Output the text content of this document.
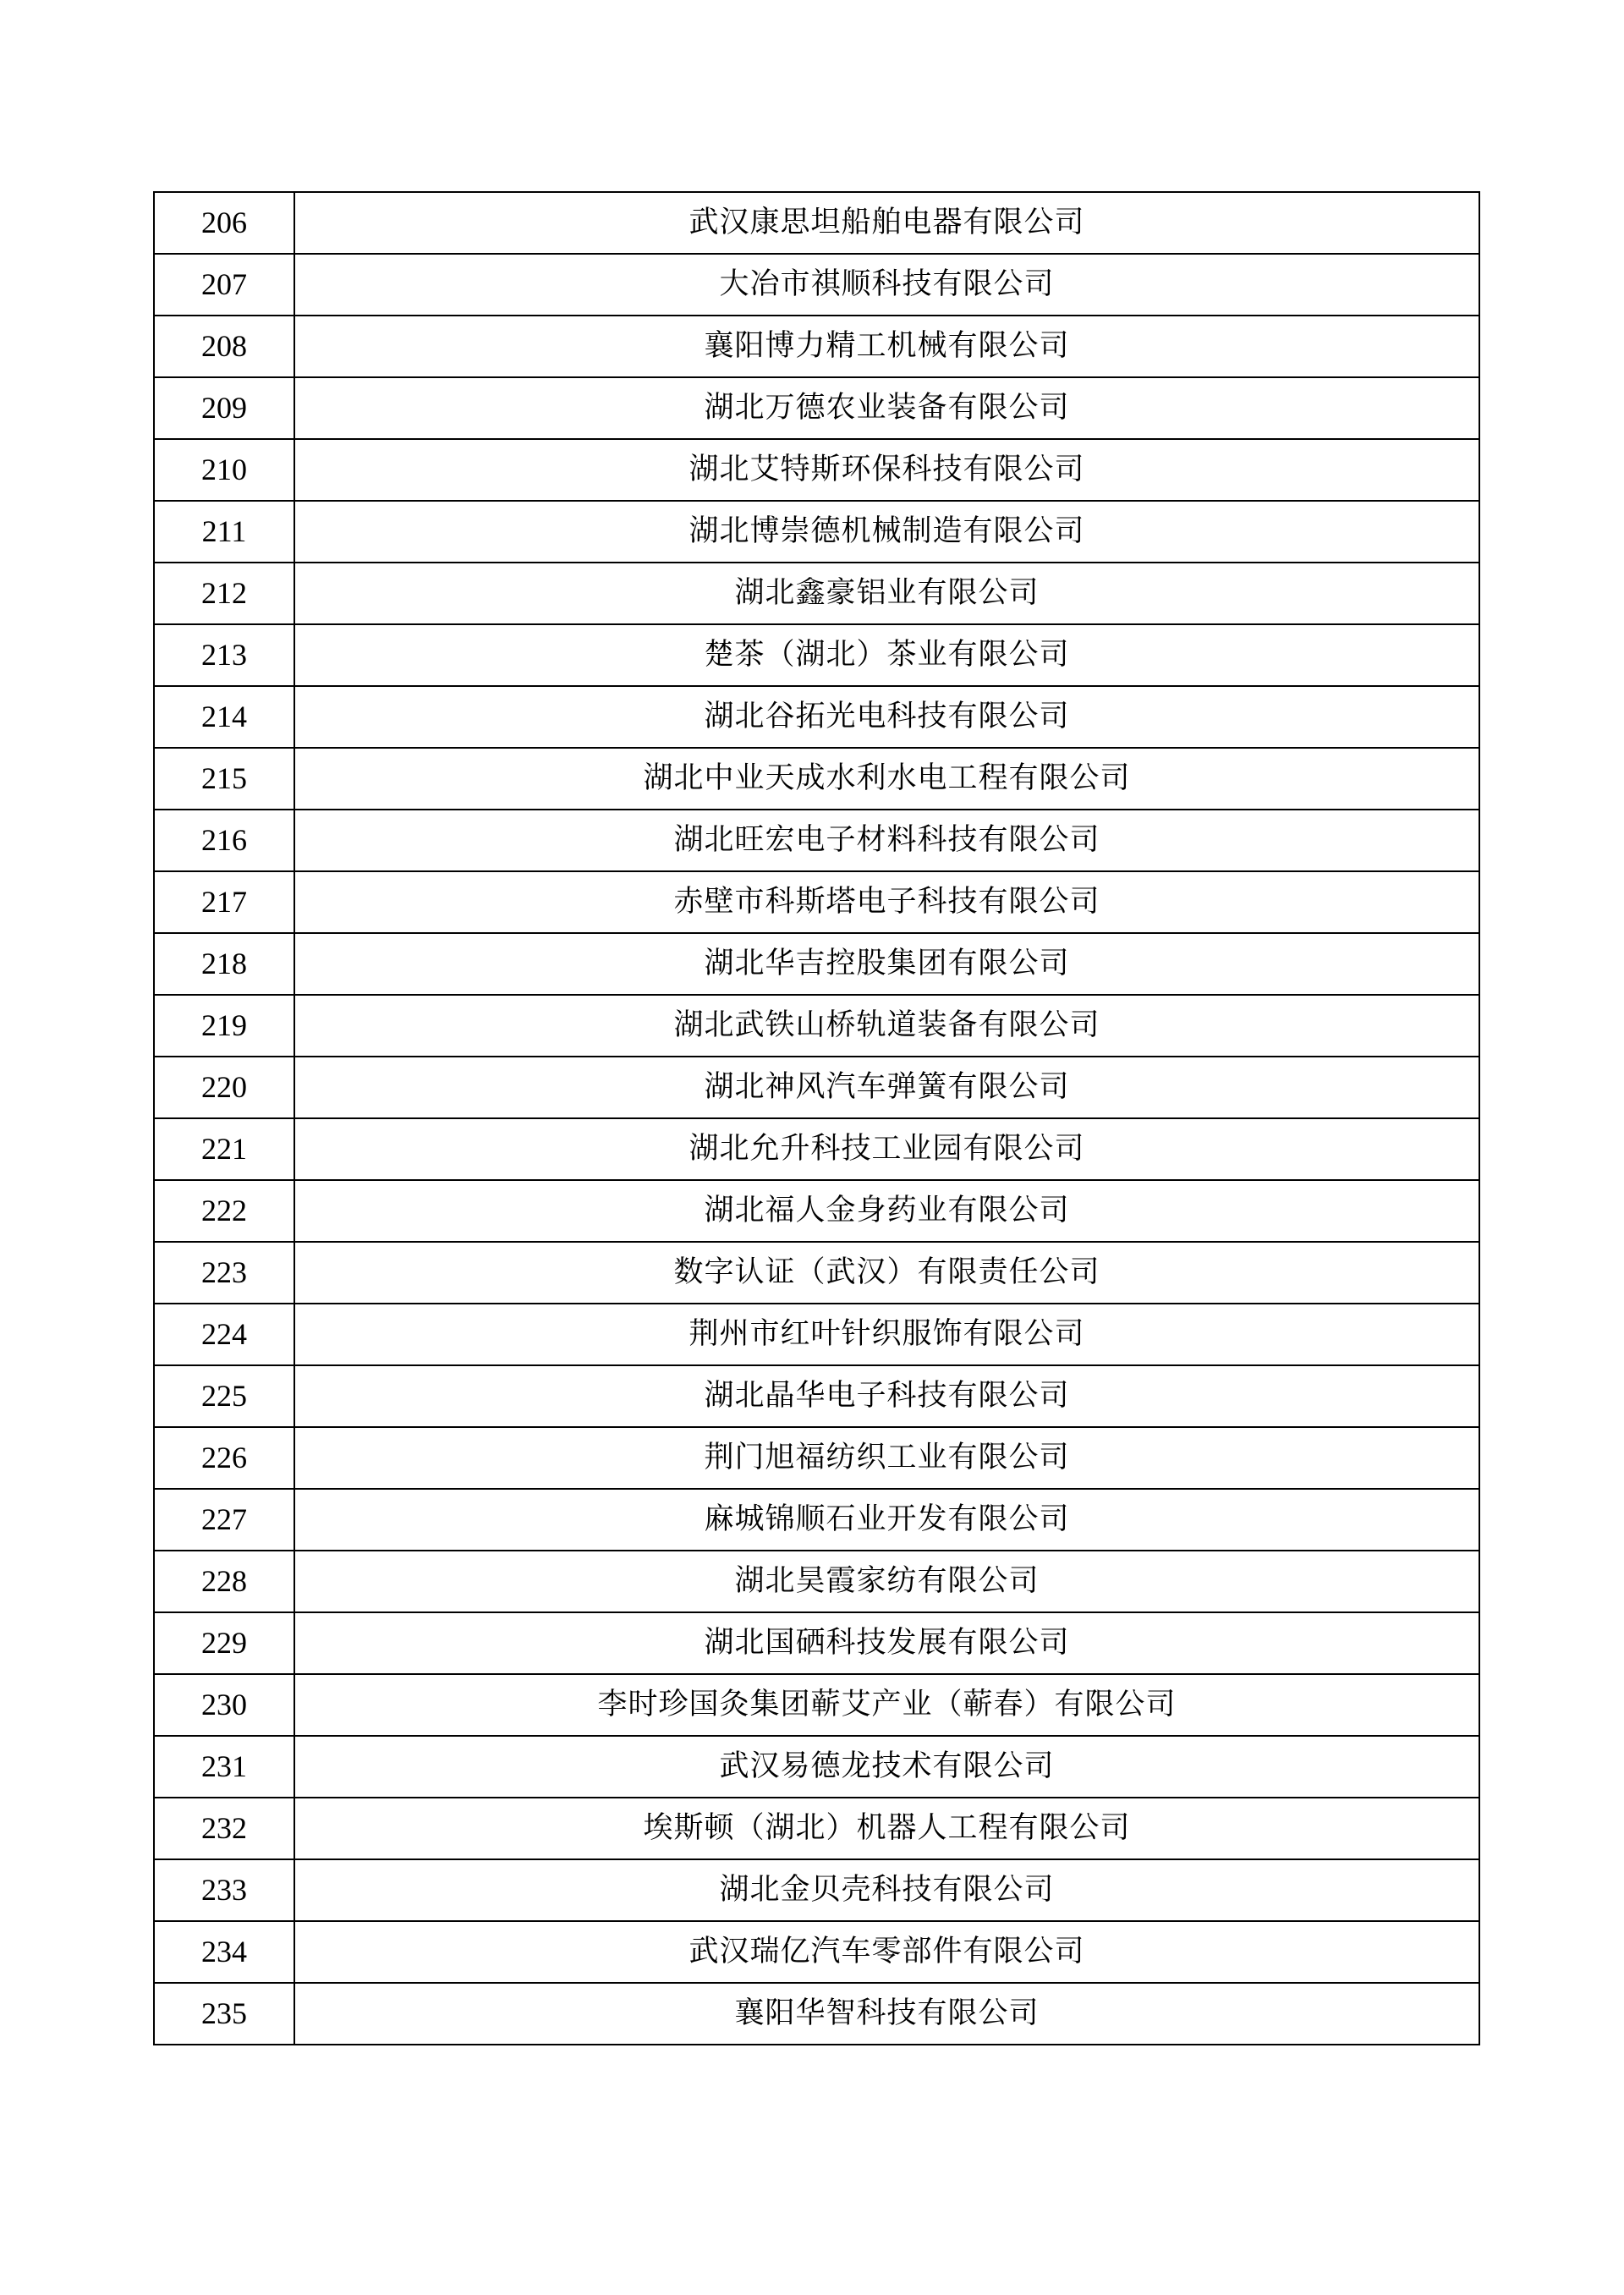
206	武汉康思坦船舶电器有限公司
207	大冶市祺顺科技有限公司
208	襄阳博力精工机械有限公司
209	湖北万德农业装备有限公司
210	湖北艾特斯环保科技有限公司
211	湖北博崇德机械制造有限公司
212	湖北鑫豪铝业有限公司
213	楚茶（湖北）茶业有限公司
214	湖北谷拓光电科技有限公司
215	湖北中业天成水利水电工程有限公司
216	湖北旺宏电子材料科技有限公司
217	赤壁市科斯塔电子科技有限公司
218	湖北华吉控股集团有限公司
219	湖北武铁山桥轨道装备有限公司
220	湖北神风汽车弹簧有限公司
221	湖北允升科技工业园有限公司
222	湖北福人金身药业有限公司
223	数字认证（武汉）有限责任公司
224	荆州市红叶针织服饰有限公司
225	湖北晶华电子科技有限公司
226	荆门旭福纺织工业有限公司
227	麻城锦顺石业开发有限公司
228	湖北昊霞家纺有限公司
229	湖北国硒科技发展有限公司
230	李时珍国灸集团蕲艾产业（蕲春）有限公司
231	武汉易德龙技术有限公司
232	埃斯顿（湖北）机器人工程有限公司
233	湖北金贝壳科技有限公司
234	武汉瑞亿汽车零部件有限公司
235	襄阳华智科技有限公司
